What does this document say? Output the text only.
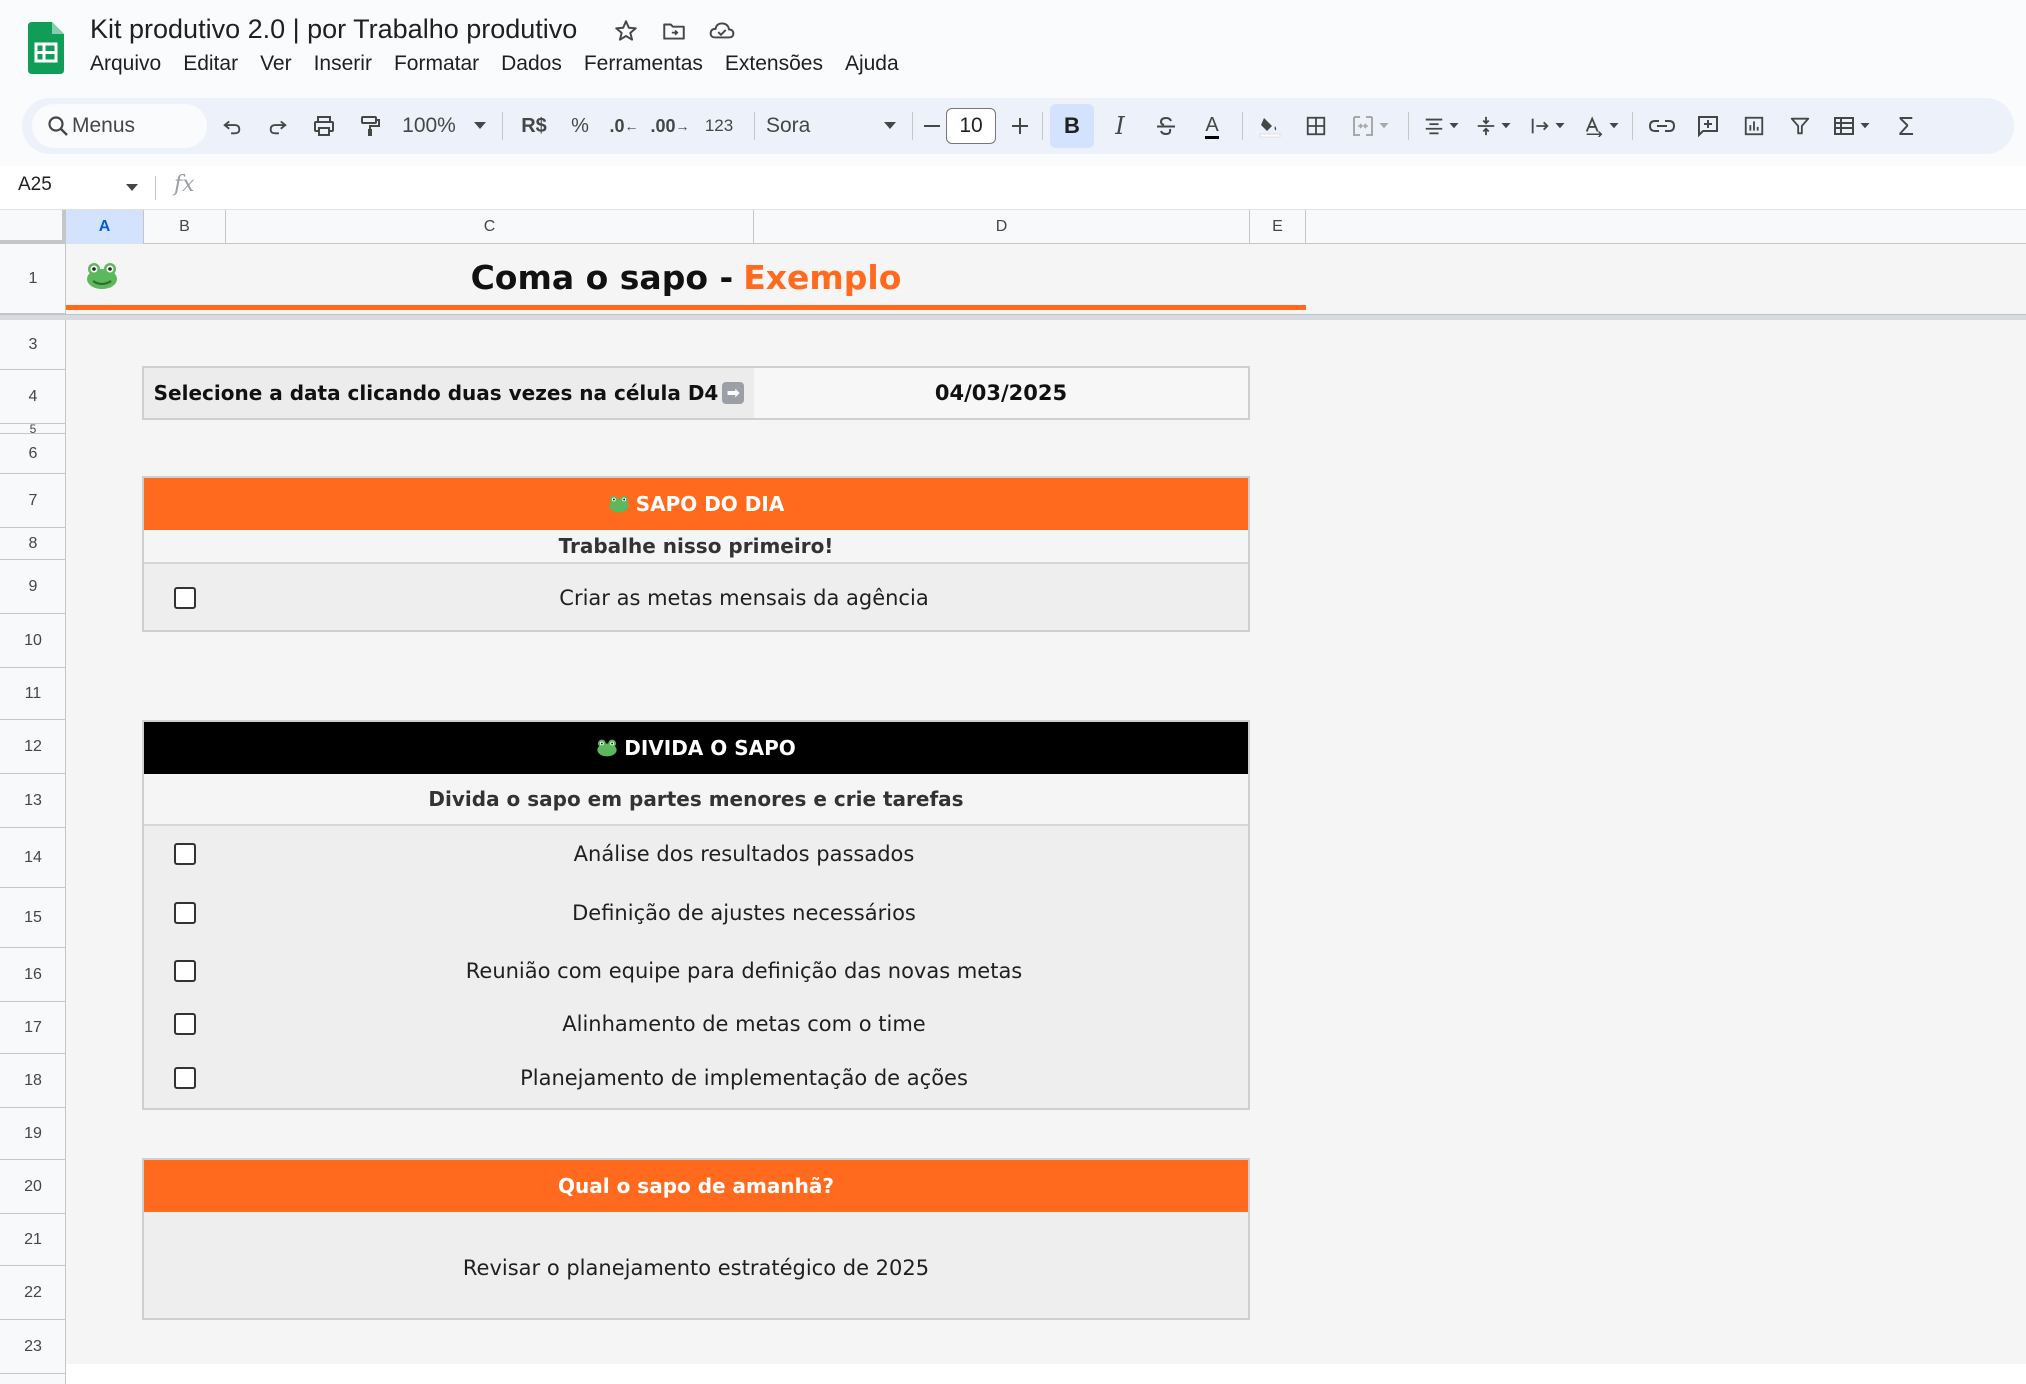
Kit produtivo 2.0 | por Trabalho produtivo
Arquivo	Editar	Ver	Inserir	Formatar	Dados	Ferramentas	Extensões	Ajuda
Menus	100%	R$	%	.0 ← .00 → 123	Sora	10	B	I	A	Σ
A25	fx
A	B	C	D	E
1
3
4
5
6
7
8
9
10
11
12
13
14
15
16
17
18
19
20
21
22
23
Coma o sapo - Exemplo
Selecione a data clicando duas vezes na célula D4 ➡	04/03/2025
SAPO DO DIA
Trabalhe nisso primeiro!
Criar as metas mensais da agência
DIVIDA O SAPO
Divida o sapo em partes menores e crie tarefas
Análise dos resultados passados
Definição de ajustes necessários
Reunião com equipe para definição das novas metas
Alinhamento de metas com o time
Planejamento de implementação de ações
Qual o sapo de amanhã?
Revisar o planejamento estratégico de 2025
